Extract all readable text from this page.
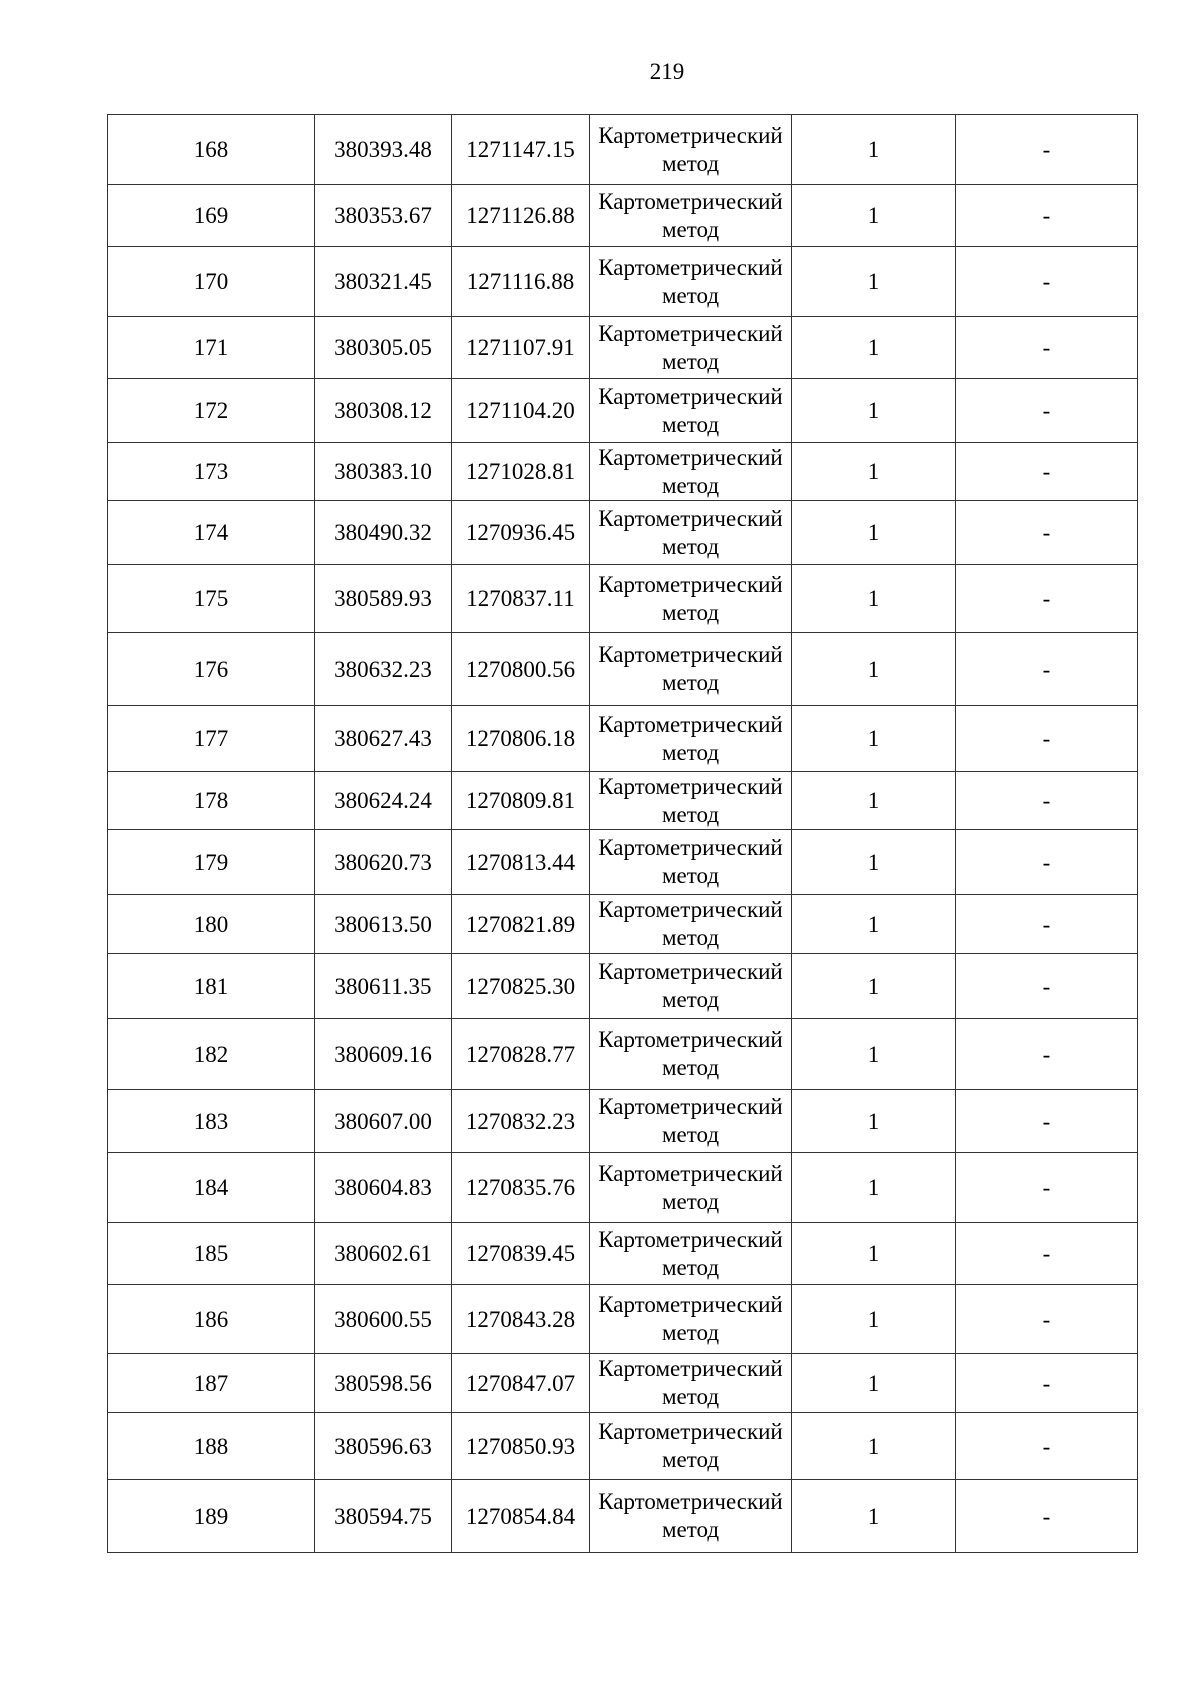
219
168	380393.48	1271147.15	Картометрический метод	1	-
169	380353.67	1271126.88	Картометрический метод	1	-
170	380321.45	1271116.88	Картометрический метод	1	-
171	380305.05	1271107.91	Картометрический метод	1	-
172	380308.12	1271104.20	Картометрический метод	1	-
173	380383.10	1271028.81	Картометрический метод	1	-
174	380490.32	1270936.45	Картометрический метод	1	-
175	380589.93	1270837.11	Картометрический метод	1	-
176	380632.23	1270800.56	Картометрический метод	1	-
177	380627.43	1270806.18	Картометрический метод	1	-
178	380624.24	1270809.81	Картометрический метод	1	-
179	380620.73	1270813.44	Картометрический метод	1	-
180	380613.50	1270821.89	Картометрический метод	1	-
181	380611.35	1270825.30	Картометрический метод	1	-
182	380609.16	1270828.77	Картометрический метод	1	-
183	380607.00	1270832.23	Картометрический метод	1	-
184	380604.83	1270835.76	Картометрический метод	1	-
185	380602.61	1270839.45	Картометрический метод	1	-
186	380600.55	1270843.28	Картометрический метод	1	-
187	380598.56	1270847.07	Картометрический метод	1	-
188	380596.63	1270850.93	Картометрический метод	1	-
189	380594.75	1270854.84	Картометрический метод	1	-
